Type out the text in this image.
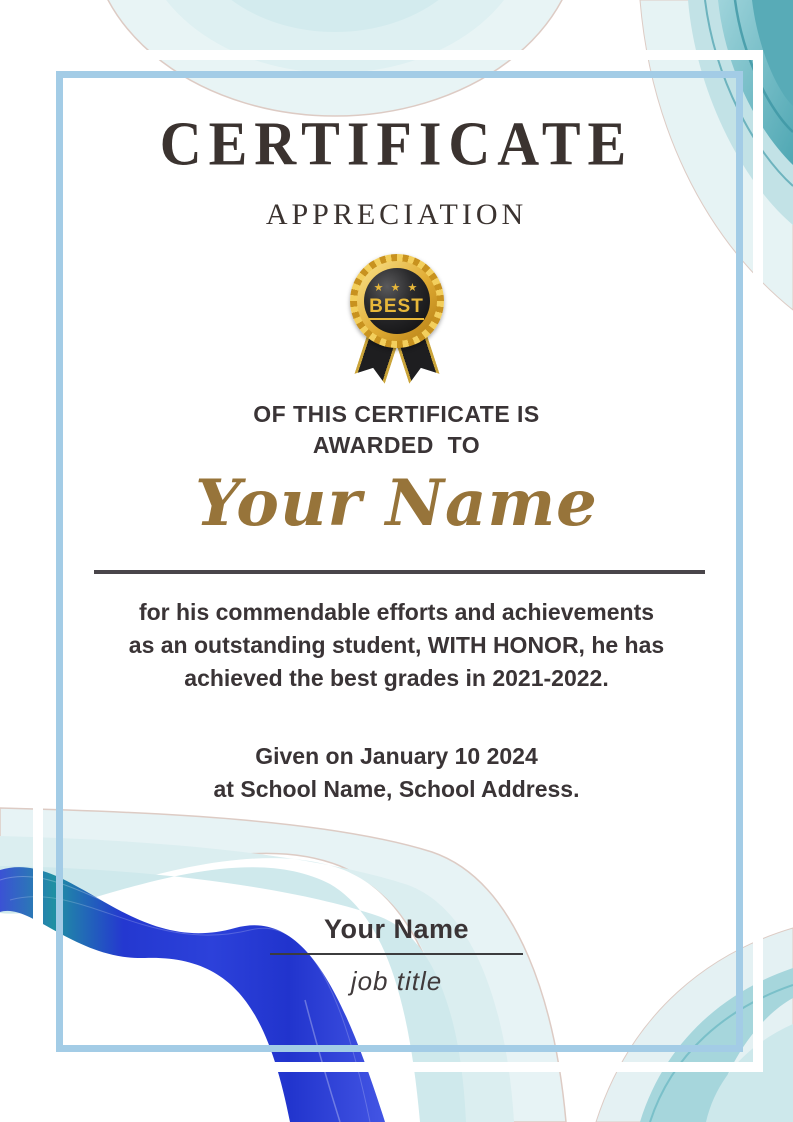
CERTIFICATE
APPRECIATION
★ ★ ★
BEST
OF THIS CERTIFICATE IS
AWARDED  TO
Your Name
for his commendable efforts and achievements
as an outstanding student, WITH HONOR, he has
achieved the best grades in 2021-2022.
Given on January 10 2024
at School Name, School Address.
Your Name
job title
